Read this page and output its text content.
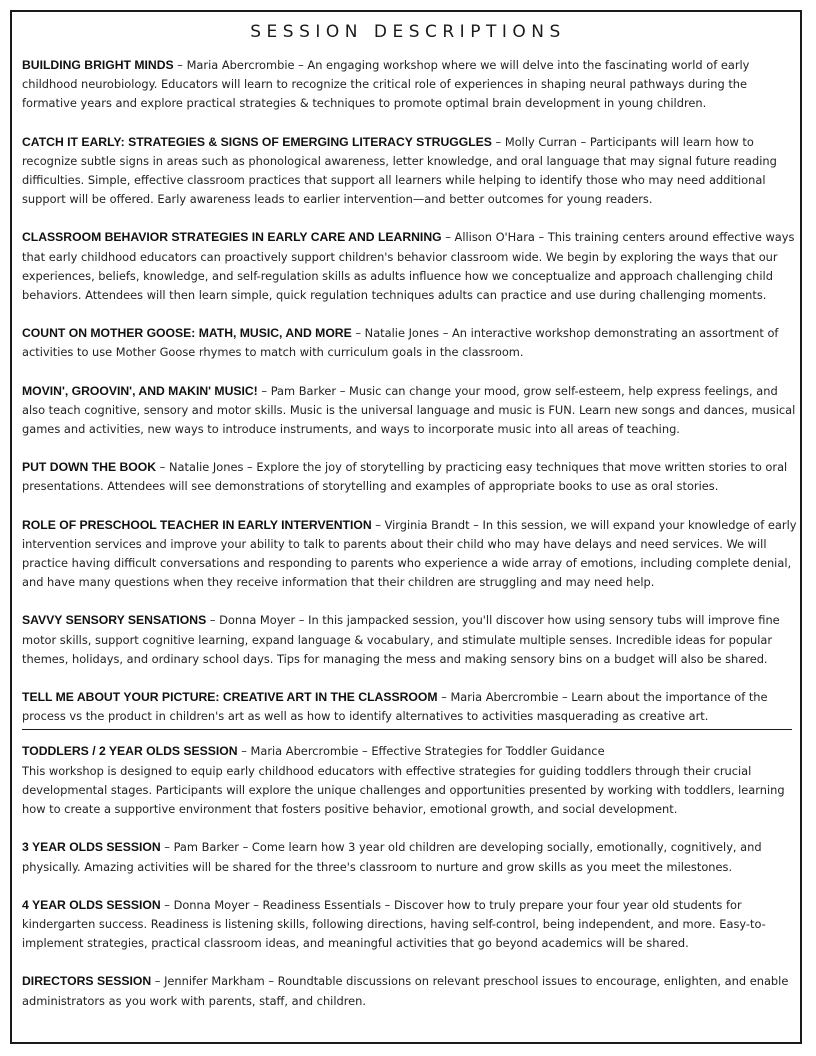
SESSION DESCRIPTIONS

BUILDING BRIGHT MINDS – Maria Abercrombie – An engaging workshop where we will delve into the fascinating world of early childhood neurobiology. Educators will learn to recognize the critical role of experiences in shaping neural pathways during the formative years and explore practical strategies & techniques to promote optimal brain development in young children.

CATCH IT EARLY: STRATEGIES & SIGNS OF EMERGING LITERACY STRUGGLES – Molly Curran – Participants will learn how to recognize subtle signs in areas such as phonological awareness, letter knowledge, and oral language that may signal future reading difficulties. Simple, effective classroom practices that support all learners while helping to identify those who may need additional support will be offered. Early awareness leads to earlier intervention—and better outcomes for young readers.

CLASSROOM BEHAVIOR STRATEGIES IN EARLY CARE AND LEARNING – Allison O'Hara – This training centers around effective ways that early childhood educators can proactively support children's behavior classroom wide. We begin by exploring the ways that our experiences, beliefs, knowledge, and self-regulation skills as adults influence how we conceptualize and approach challenging child behaviors. Attendees will then learn simple, quick regulation techniques adults can practice and use during challenging moments.

COUNT ON MOTHER GOOSE: MATH, MUSIC, AND MORE – Natalie Jones – An interactive workshop demonstrating an assortment of activities to use Mother Goose rhymes to match with curriculum goals in the classroom.

MOVIN', GROOVIN', AND MAKIN' MUSIC! – Pam Barker – Music can change your mood, grow self-esteem, help express feelings, and also teach cognitive, sensory and motor skills. Music is the universal language and music is FUN. Learn new songs and dances, musical games and activities, new ways to introduce instruments, and ways to incorporate music into all areas of teaching.

PUT DOWN THE BOOK – Natalie Jones – Explore the joy of storytelling by practicing easy techniques that move written stories to oral presentations. Attendees will see demonstrations of storytelling and examples of appropriate books to use as oral stories.

ROLE OF PRESCHOOL TEACHER IN EARLY INTERVENTION – Virginia Brandt – In this session, we will expand your knowledge of early intervention services and improve your ability to talk to parents about their child who may have delays and need services. We will practice having difficult conversations and responding to parents who experience a wide array of emotions, including complete denial, and have many questions when they receive information that their children are struggling and may need help.

SAVVY SENSORY SENSATIONS – Donna Moyer – In this jampacked session, you'll discover how using sensory tubs will improve fine motor skills, support cognitive learning, expand language & vocabulary, and stimulate multiple senses. Incredible ideas for popular themes, holidays, and ordinary school days. Tips for managing the mess and making sensory bins on a budget will also be shared.

TELL ME ABOUT YOUR PICTURE: CREATIVE ART IN THE CLASSROOM – Maria Abercrombie – Learn about the importance of the process vs the product in children's art as well as how to identify alternatives to activities masquerading as creative art.

TODDLERS / 2 YEAR OLDS SESSION – Maria Abercrombie – Effective Strategies for Toddler Guidance
This workshop is designed to equip early childhood educators with effective strategies for guiding toddlers through their crucial developmental stages. Participants will explore the unique challenges and opportunities presented by working with toddlers, learning how to create a supportive environment that fosters positive behavior, emotional growth, and social development.

3 YEAR OLDS SESSION – Pam Barker – Come learn how 3 year old children are developing socially, emotionally, cognitively, and physically. Amazing activities will be shared for the three's classroom to nurture and grow skills as you meet the milestones.

4 YEAR OLDS SESSION – Donna Moyer – Readiness Essentials – Discover how to truly prepare your four year old students for kindergarten success. Readiness is listening skills, following directions, having self-control, being independent, and more. Easy-to-implement strategies, practical classroom ideas, and meaningful activities that go beyond academics will be shared.

DIRECTORS SESSION – Jennifer Markham – Roundtable discussions on relevant preschool issues to encourage, enlighten, and enable administrators as you work with parents, staff, and children.
